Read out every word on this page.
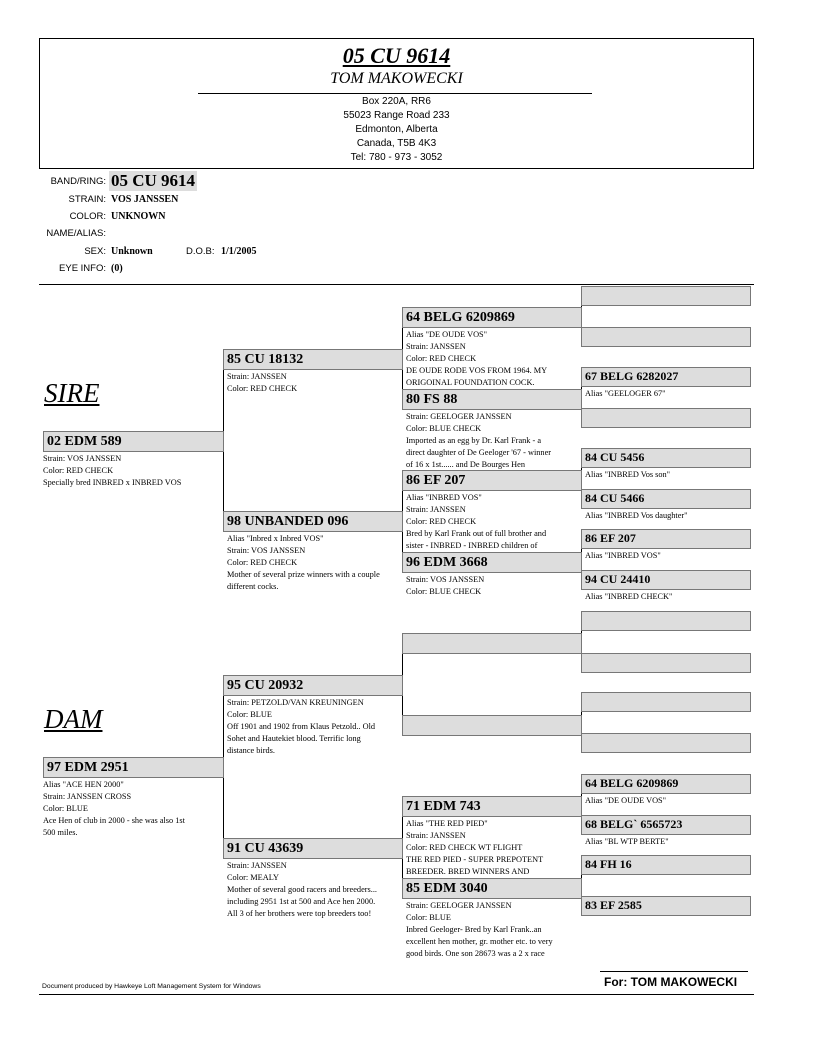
05 CU 9614
TOM MAKOWECKI
Box 220A, RR6
55023 Range Road 233
Edmonton, Alberta
Canada, T5B 4K3
Tel: 780 - 973 - 3052
BAND/RING: 05 CU 9614
STRAIN: VOS JANSSEN
COLOR: UNKNOWN
NAME/ALIAS:
SEX: Unknown	D.O.B: 1/1/2005
EYE INFO: (0)
SIRE
DAM
02 EDM 589
Strain: VOS JANSSEN
Color: RED CHECK
Specially bred INBRED x INBRED VOS
97 EDM 2951
Alias "ACE HEN 2000"
Strain: JANSSEN CROSS
Color: BLUE
Ace Hen of club in 2000 - she was also 1st
500 miles.
85 CU 18132
Strain: JANSSEN
Color: RED CHECK
98 UNBANDED 096
Alias "Inbred x Inbred VOS"
Strain: VOS JANSSEN
Color: RED CHECK
Mother of several prize winners with a couple
different cocks.
95 CU 20932
Strain: PETZOLD/VAN KREUNINGEN
Color: BLUE
Off 1901 and 1902 from Klaus Petzold.. Old
Sohet and Hautekiet blood. Terrific long
distance birds.
91 CU 43639
Strain: JANSSEN
Color: MEALY
Mother of several good racers and breeders...
including 2951 1st at 500 and Ace hen 2000.
All 3 of her brothers were top breeders too!
64 BELG 6209869
Alias "DE OUDE VOS"
Strain: JANSSEN
Color: RED CHECK
DE OUDE RODE VOS FROM 1964. MY
ORIGOINAL FOUNDATION COCK.
80 FS 88
Strain: GEELOGER JANSSEN
Color: BLUE CHECK
Imported as an egg by Dr. Karl Frank - a
direct daughter of De Geeloger '67 - winner
of 16 x 1st...... and De Bourges Hen
86 EF 207
Alias "INBRED VOS"
Strain: JANSSEN
Color: RED CHECK
Bred by Karl Frank out of full brother and
sister - INBRED - INBRED children of
96 EDM 3668
Strain: VOS JANSSEN
Color: BLUE CHECK
71 EDM 743
Alias "THE RED PIED"
Strain: JANSSEN
Color: RED CHECK WT FLIGHT
THE RED PIED - SUPER PREPOTENT
BREEDER. BRED WINNERS AND
85 EDM 3040
Strain: GEELOGER JANSSEN
Color: BLUE
Inbred Geeloger- Bred by Karl Frank..an
excellent hen mother, gr. mother etc. to very
good birds. One son 28673 was a 2 x race
67 BELG 6282027
Alias "GEELOGER 67"
84 CU 5456
Alias "INBRED Vos son"
84 CU 5466
Alias "INBRED Vos daughter"
86 EF 207
Alias "INBRED VOS"
94 CU 24410
Alias "INBRED CHECK"
64 BELG 6209869
Alias "DE OUDE VOS"
68 BELG` 6565723
Alias "BL WTP BERTE"
84 FH 16
83 EF 2585
Document produced by Hawkeye Loft Management System for Windows	For: TOM MAKOWECKI
